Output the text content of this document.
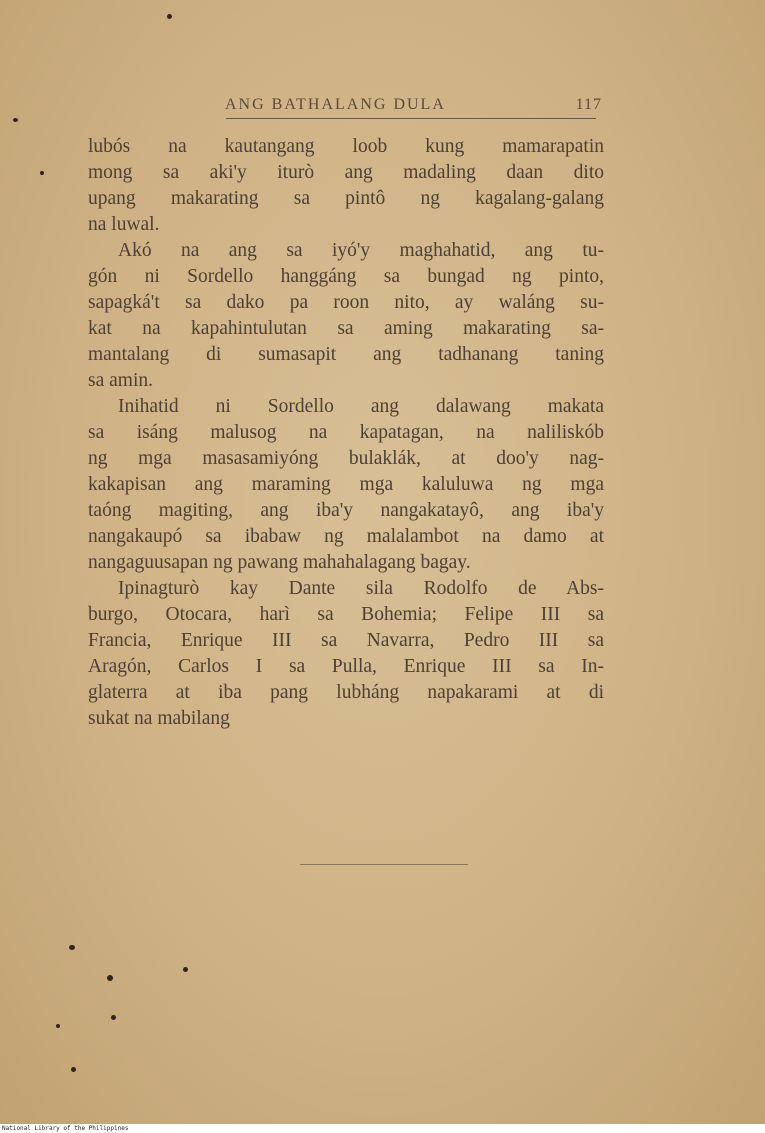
ANG BATHALANG DULA	117
lubós na kautangang loob kung mamarapatin
mong sa aki'y iturò ang madaling daan dito
upang makarating sa pintô ng kagalang-galang
na luwal.
Akó na ang sa iyó'y maghahatid, ang tu-
gón ni Sordello hanggáng sa bungad ng pinto,
sapagká't sa dako pa roon nito, ay waláng su-
kat na kapahintulutan sa aming makarating sa-
mantalang di sumasapit ang tadhanang taning
sa amin.
Inihatid ni Sordello ang dalawang makata
sa isáng malusog na kapatagan, na naliliskób
ng mga masasamiyóng bulaklák, at doo'y nag-
kakapisan ang maraming mga kaluluwa ng mga
taóng magiting, ang iba'y nangakatayô, ang iba'y
nangakaupó sa ibabaw ng malalambot na damo at
nangaguusapan ng pawang mahahalagang bagay.
Ipinagturò kay Dante sila Rodolfo de Abs-
burgo, Otocara, harì sa Bohemia; Felipe III sa
Francia, Enrique III sa Navarra, Pedro III sa
Aragón, Carlos I sa Pulla, Enrique III sa In-
glaterra at iba pang lubháng napakarami at di
sukat na mabilang
National Library of the Philippines
